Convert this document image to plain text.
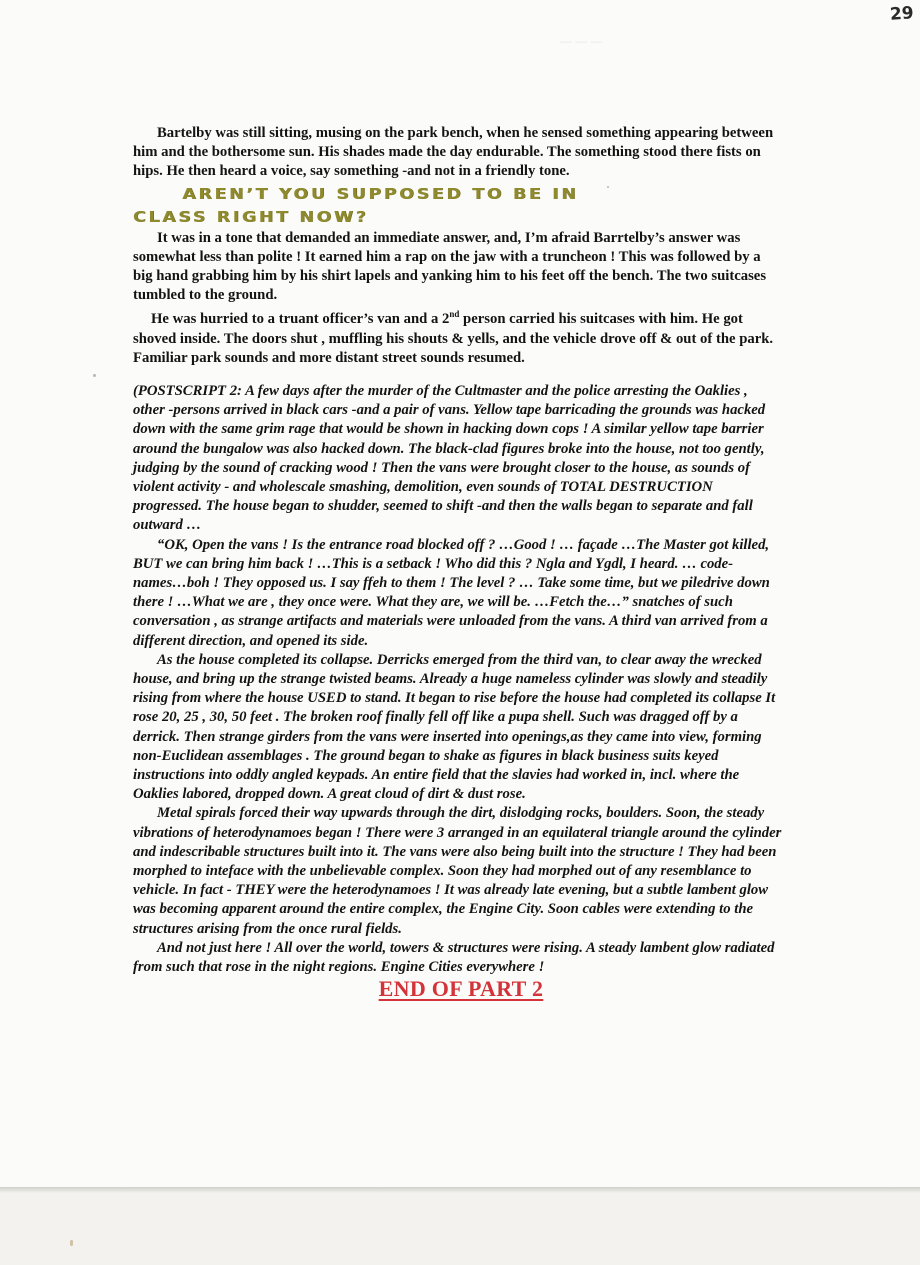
29
— — —

Bartelby was still sitting, musing on the park bench, when he sensed something appearing between him and the bothersome sun. His shades made the day endurable. The something stood there fists on hips. He then heard a voice, say something -and not in a friendly tone.

AREN’T YOU SUPPOSED TO BE IN
CLASS RIGHT NOW?

It was in a tone that demanded an immediate answer, and, I’m afraid Barrtelby’s answer was somewhat less than polite ! It earned him a rap on the jaw with a truncheon ! This was followed by a big hand grabbing him by his shirt lapels and yanking him to his feet off the bench. The two suitcases tumbled to the ground.

He was hurried to a truant officer’s van and a 2nd person carried his suitcases with him. He got shoved inside. The doors shut , muffling his shouts & yells, and the vehicle drove off & out of the park. Familiar park sounds and more distant street sounds resumed.

(POSTSCRIPT 2: A few days after the murder of the Cultmaster and the police arresting the Oaklies , other -persons arrived in black cars -and a pair of vans. Yellow tape barricading the grounds was hacked down with the same grim rage that would be shown in hacking down cops ! A similar yellow tape barrier around the bungalow was also hacked down. The black-clad figures broke into the house, not too gently, judging by the sound of cracking wood ! Then the vans were brought closer to the house, as sounds of violent activity - and wholescale smashing, demolition, even sounds of TOTAL DESTRUCTION progressed. The house began to shudder, seemed to shift -and then the walls began to separate and fall outward …

“OK, Open the vans ! Is the entrance road blocked off ? …Good ! … façade …The Master got killed, BUT we can bring him back ! …This is a setback ! Who did this ? Ngla and Ygdl, I heard. … code-names…boh ! They opposed us. I say ffeh to them ! The level ? … Take some time, but we piledrive down there ! …What we are , they once were. What they are, we will be. …Fetch the…” snatches of such conversation , as strange artifacts and materials were unloaded from the vans. A third van arrived from a different direction, and opened its side.

As the house completed its collapse. Derricks emerged from the third van, to clear away the wrecked house, and bring up the strange twisted beams. Already a huge nameless cylinder was slowly and steadily rising from where the house USED to stand. It began to rise before the house had completed its collapse It rose 20, 25 , 30, 50 feet . The broken roof finally fell off like a pupa shell. Such was dragged off by a derrick. Then strange girders from the vans were inserted into openings,as they came into view, forming non-Euclidean assemblages . The ground began to shake as figures in black business suits keyed instructions into oddly angled keypads. An entire field that the slavies had worked in, incl. where the Oaklies labored, dropped down. A great cloud of dirt & dust rose.

Metal spirals forced their way upwards through the dirt, dislodging rocks, boulders. Soon, the steady vibrations of heterodynamoes began ! There were 3 arranged in an equilateral triangle around the cylinder and indescribable structures built into it. The vans were also being built into the structure ! They had been morphed to inteface with the unbelievable complex. Soon they had morphed out of any resemblance to vehicle. In fact - THEY were the heterodynamoes ! It was already late evening, but a subtle lambent glow was becoming apparent around the entire complex, the Engine City. Soon cables were extending to the structures arising from the once rural fields.

And not just here ! All over the world, towers & structures were rising. A steady lambent glow radiated from such that rose in the night regions. Engine Cities everywhere !

END OF PART 2
